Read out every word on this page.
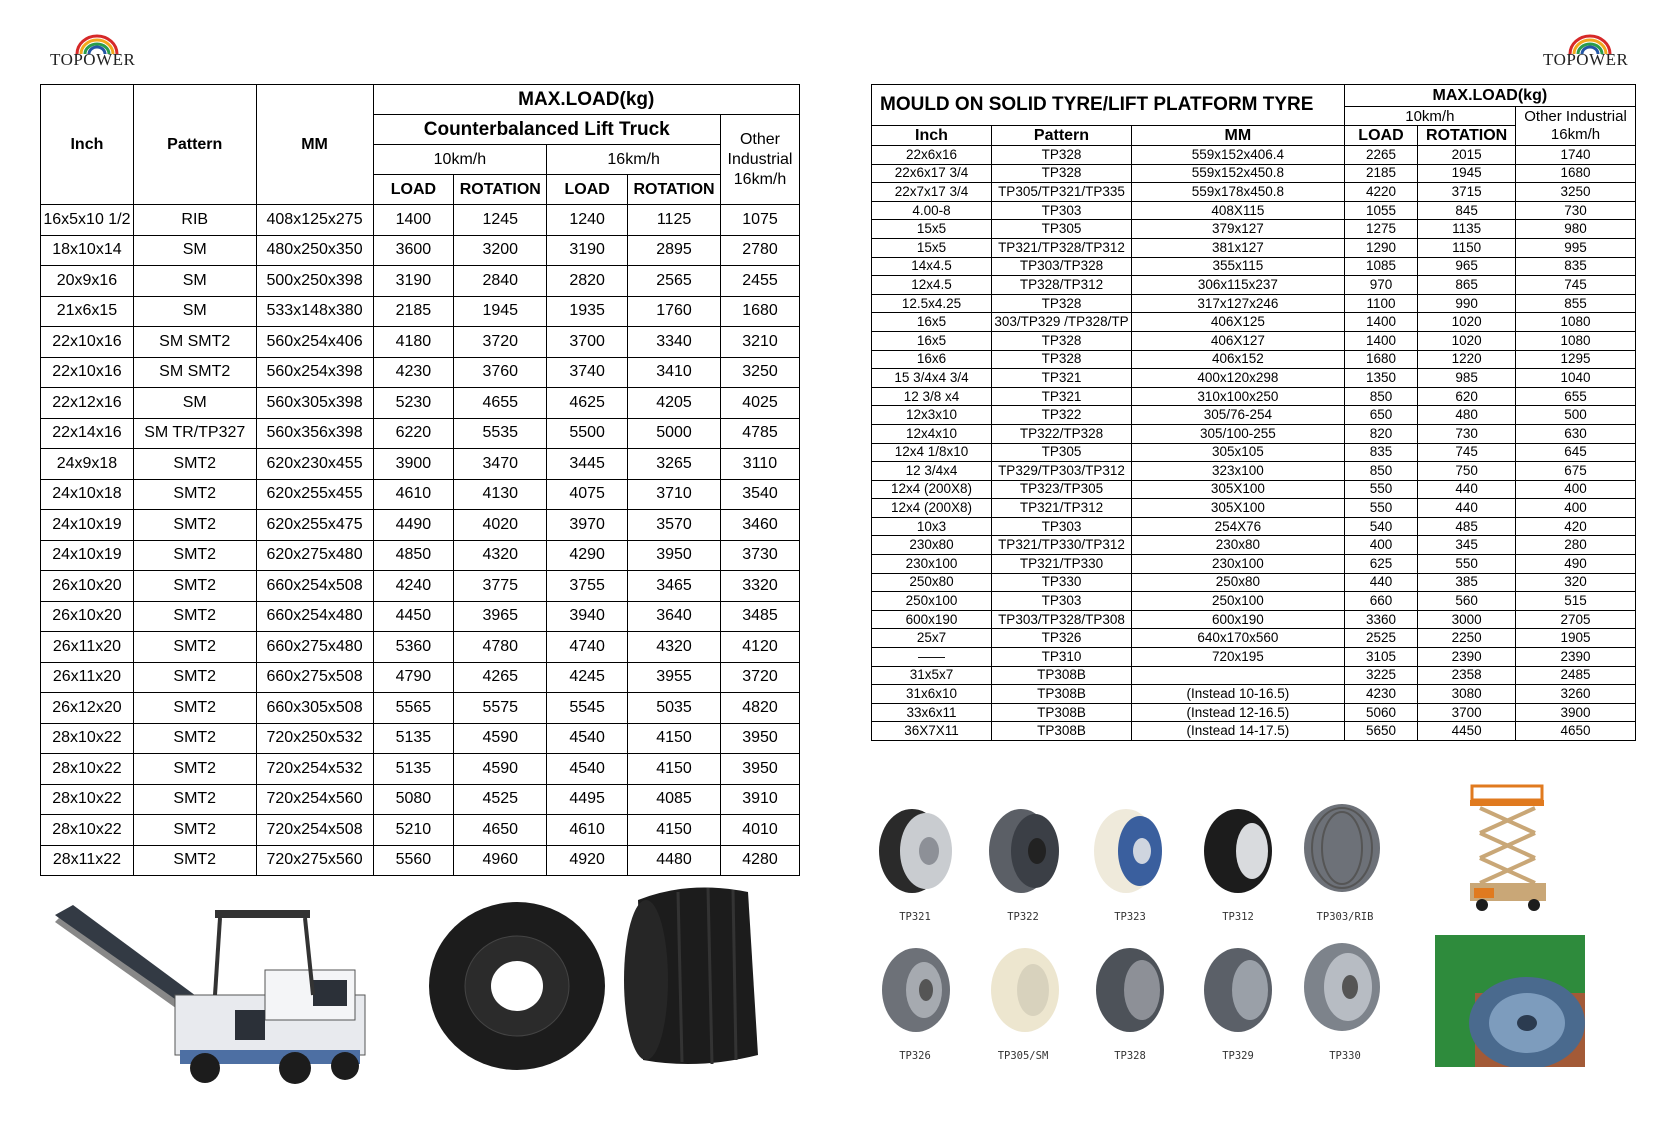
TOPOWER	TOPOWER
Inch	Pattern	MM	MAX.LOAD(kg)				
			Counterbalanced Lift Truck				Other Industrial 16km/h
			10km/h		16km/h		
			LOAD	ROTATION	LOAD	ROTATION	
16x5x10 1/2	RIB	408x125x275	1400	1245	1240	1125	1075
18x10x14	SM	480x250x350	3600	3200	3190	2895	2780
20x9x16	SM	500x250x398	3190	2840	2820	2565	2455
21x6x15	SM	533x148x380	2185	1945	1935	1760	1680
22x10x16	SM SMT2	560x254x406	4180	3720	3700	3340	3210
22x10x16	SM SMT2	560x254x398	4230	3760	3740	3410	3250
22x12x16	SM	560x305x398	5230	4655	4625	4205	4025
22x14x16	SM TR/TP327	560x356x398	6220	5535	5500	5000	4785
24x9x18	SMT2	620x230x455	3900	3470	3445	3265	3110
24x10x18	SMT2	620x255x455	4610	4130	4075	3710	3540
24x10x19	SMT2	620x255x475	4490	4020	3970	3570	3460
24x10x19	SMT2	620x275x480	4850	4320	4290	3950	3730
26x10x20	SMT2	660x254x508	4240	3775	3755	3465	3320
26x10x20	SMT2	660x254x480	4450	3965	3940	3640	3485
26x11x20	SMT2	660x275x480	5360	4780	4740	4320	4120
26x11x20	SMT2	660x275x508	4790	4265	4245	3955	3720
26x12x20	SMT2	660x305x508	5565	5575	5545	5035	4820
28x10x22	SMT2	720x250x532	5135	4590	4540	4150	3950
28x10x22	SMT2	720x254x532	5135	4590	4540	4150	3950
28x10x22	SMT2	720x254x560	5080	4525	4495	4085	3910
28x10x22	SMT2	720x254x508	5210	4650	4610	4150	4010
28x11x22	SMT2	720x275x560	5560	4960	4920	4480	4280
MOULD ON SOLID TYRE/LIFT PLATFORM TYRE			MAX.LOAD(kg)		
			10km/h		Other Industrial 16km/h
Inch	Pattern	MM	LOAD	ROTATION	
22x6x16	TP328	559x152x406.4	2265	2015	1740
22x6x17 3/4	TP328	559x152x450.8	2185	1945	1680
22x7x17 3/4	TP305/TP321/TP335	559x178x450.8	4220	3715	3250
4.00-8	TP303	408X115	1055	845	730
15x5	TP305	379x127	1275	1135	980
15x5	TP321/TP328/TP312	381x127	1290	1150	995
14x4.5	TP303/TP328	355x115	1085	965	835
12x4.5	TP328/TP312	306x115x237	970	865	745
12.5x4.25	TP328	317x127x246	1100	990	855
16x5	303/TP329 /TP328/TP	406X125	1400	1020	1080
16x5	TP328	406X127	1400	1020	1080
16x6	TP328	406x152	1680	1220	1295
15 3/4x4 3/4	TP321	400x120x298	1350	985	1040
12 3/8 x4	TP321	310x100x250	850	620	655
12x3x10	TP322	305/76-254	650	480	500
12x4x10	TP322/TP328	305/100-255	820	730	630
12x4 1/8x10	TP305	305x105	835	745	645
12 3/4x4	TP329/TP303/TP312	323x100	850	750	675
12x4 (200X8)	TP323/TP305	305X100	550	440	400
12x4 (200X8)	TP321/TP312	305X100	550	440	400
10x3	TP303	254X76	540	485	420
230x80	TP321/TP330/TP312	230x80	400	345	280
230x100	TP321/TP330	230x100	625	550	490
250x80	TP330	250x80	440	385	320
250x100	TP303	250x100	660	560	515
600x190	TP303/TP328/TP308	600x190	3360	3000	2705
25x7	TP326	640x170x560	2525	2250	1905
——	TP310	720x195	3105	2390	2390
31x5x7	TP308B		3225	2358	2485
31x6x10	TP308B	(Instead 10-16.5)	4230	3080	3260
33x6x11	TP308B	(Instead 12-16.5)	5060	3700	3900
36X7X11	TP308B	(Instead 14-17.5)	5650	4450	4650
TP321	TP322	TP323	TP312	TP303/RIB
TP326	TP305/SM	TP328	TP329	TP330
